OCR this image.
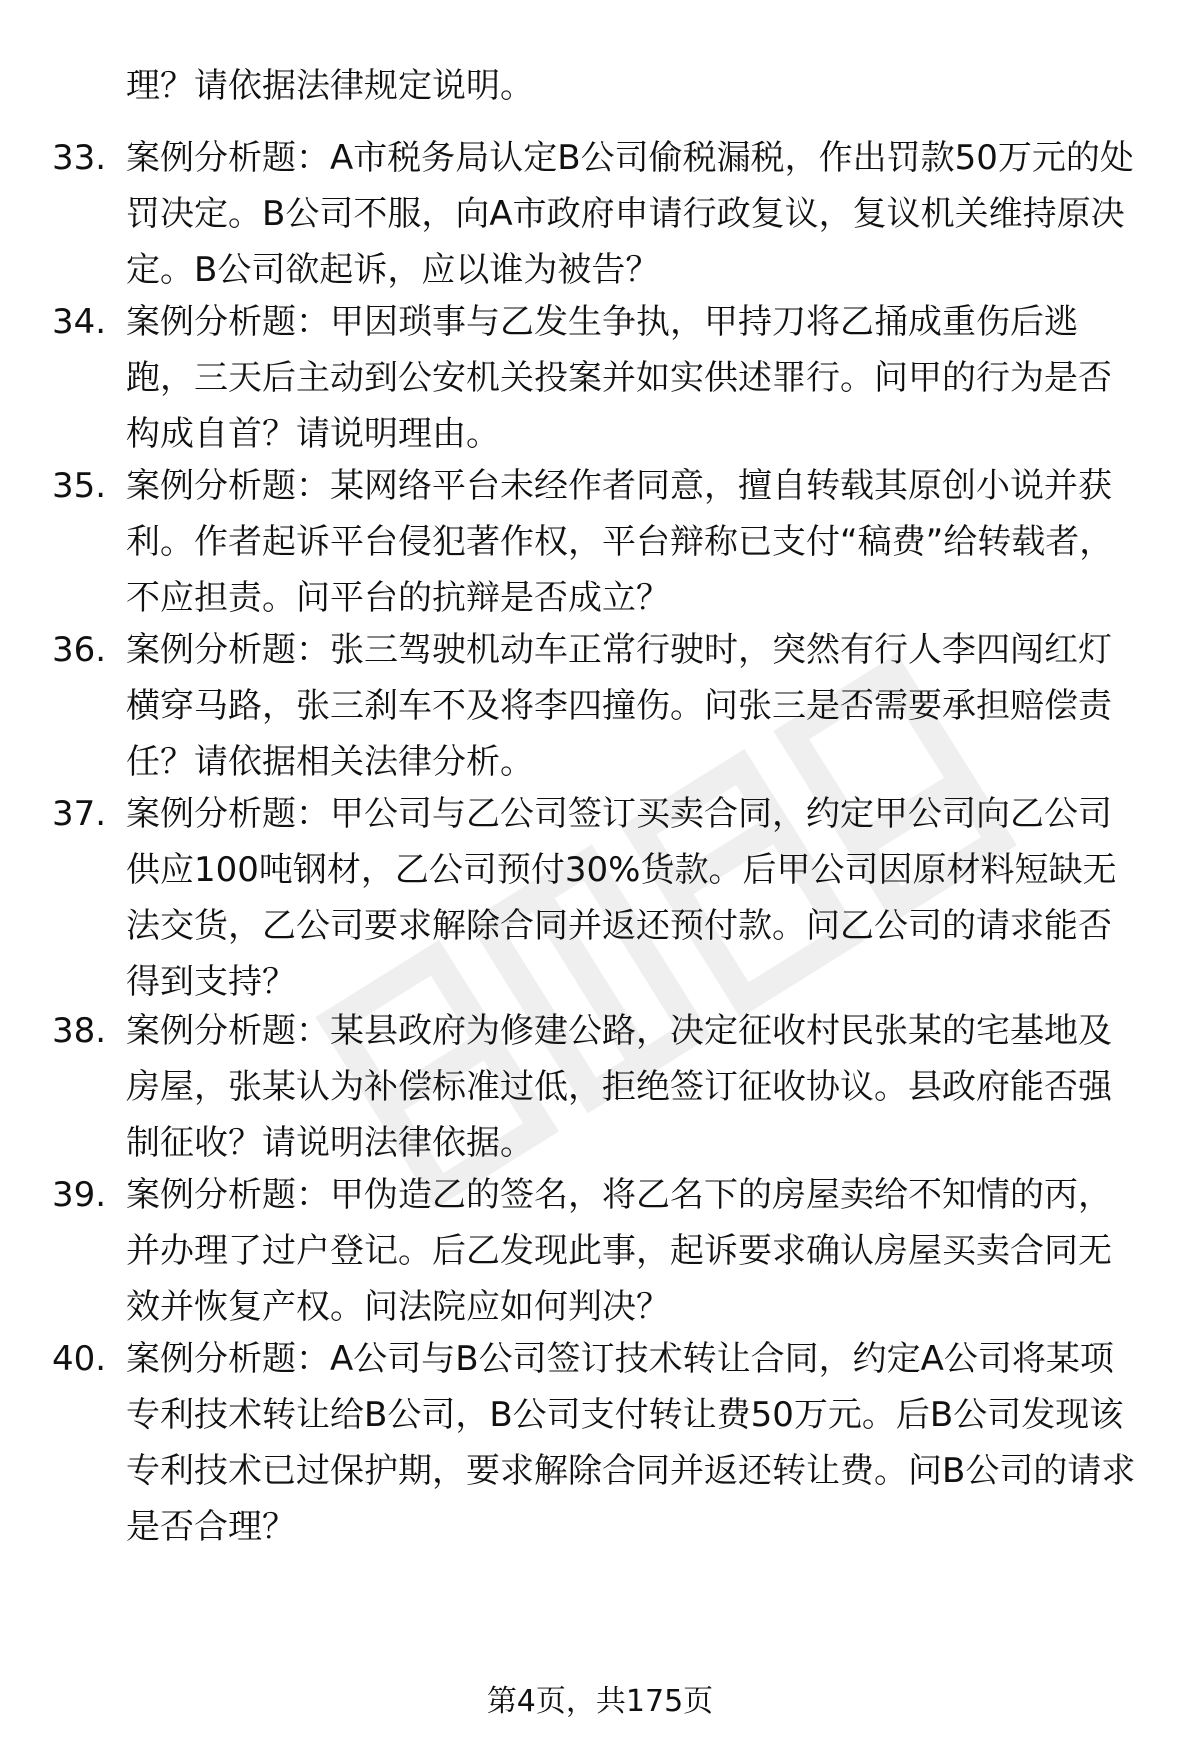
理？请依据法律规定说明。

33. 案例分析题：A市税务局认定B公司偷税漏税，作出罚款50万元的处罚决定。B公司不服，向A市政府申请行政复议，复议机关维持原决定。B公司欲起诉，应以谁为被告？
34. 案例分析题：甲因琐事与乙发生争执，甲持刀将乙捅成重伤后逃跑，三天后主动到公安机关投案并如实供述罪行。问甲的行为是否构成自首？请说明理由。
35. 案例分析题：某网络平台未经作者同意，擅自转载其原创小说并获利。作者起诉平台侵犯著作权，平台辩称已支付“稿费”给转载者，不应担责。问平台的抗辩是否成立？
36. 案例分析题：张三驾驶机动车正常行驶时，突然有行人李四闯红灯横穿马路，张三刹车不及将李四撞伤。问张三是否需要承担赔偿责任？请依据相关法律分析。
37. 案例分析题：甲公司与乙公司签订买卖合同，约定甲公司向乙公司供应100吨钢材，乙公司预付30%货款。后甲公司因原材料短缺无法交货，乙公司要求解除合同并返还预付款。问乙公司的请求能否得到支持？
38. 案例分析题：某县政府为修建公路，决定征收村民张某的宅基地及房屋，张某认为补偿标准过低，拒绝签订征收协议。县政府能否强制征收？请说明法律依据。
39. 案例分析题：甲伪造乙的签名，将乙名下的房屋卖给不知情的丙，并办理了过户登记。后乙发现此事，起诉要求确认房屋买卖合同无效并恢复产权。问法院应如何判决？
40. 案例分析题：A公司与B公司签订技术转让合同，约定A公司将某项专利技术转让给B公司，B公司支付转让费50万元。后B公司发现该专利技术已过保护期，要求解除合同并返还转让费。问B公司的请求是否合理？
第4页，共175页
